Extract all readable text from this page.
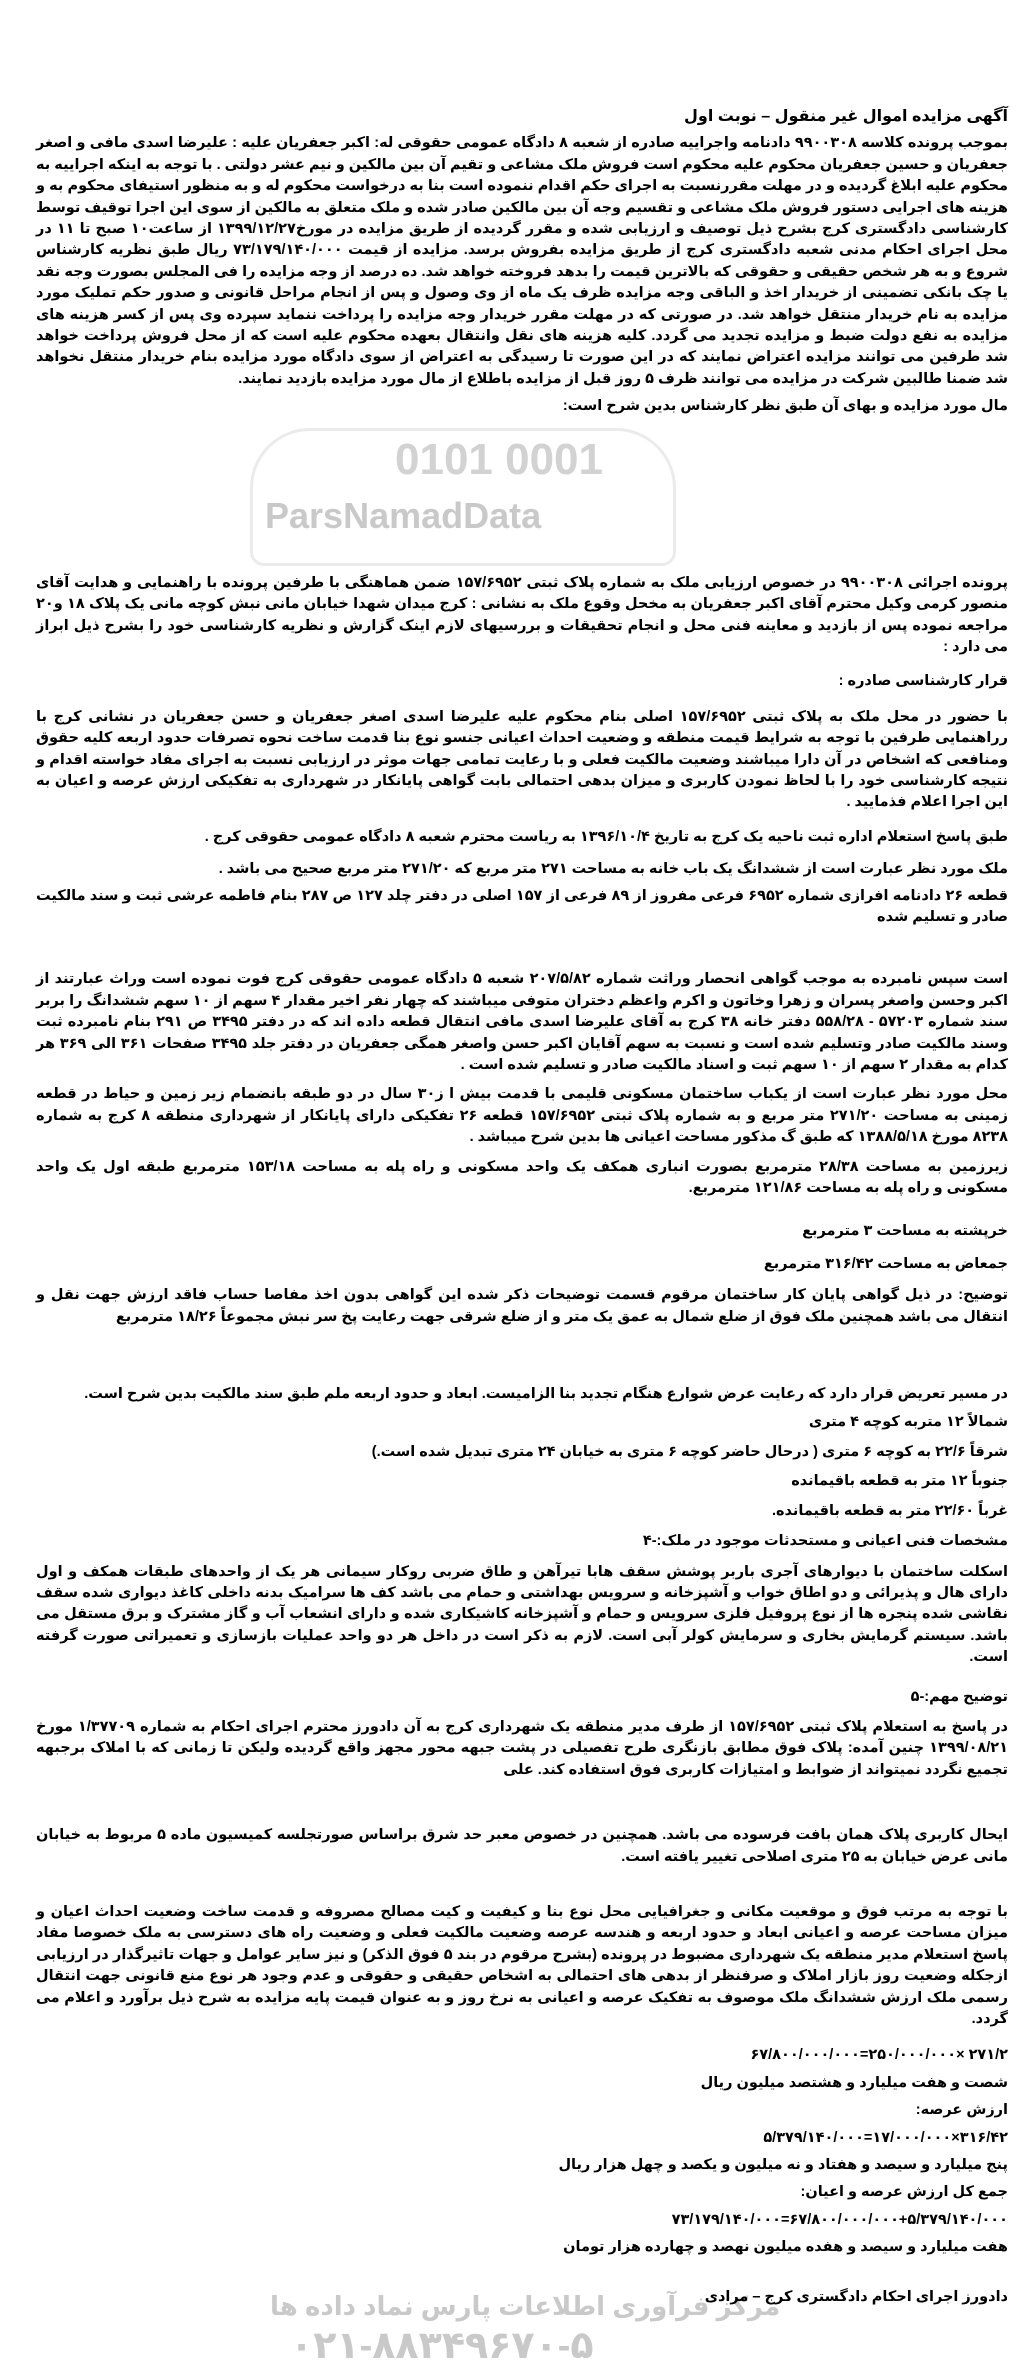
0101 0001
ParsNamadData
مرکز فرآوری اطلاعات پارس نماد داده ها
۰۲۱-۸۸۳۴۹۶۷۰-۵
آگهی مزایده اموال غیر منقول – نوبت اول
بموجب پرونده کلاسه ۹۹۰۰۳۰۸ دادنامه واجراییه صادره از شعبه ۸ دادگاه عمومی حقوقی له: اکبر جعفریان علیه : علیرضا اسدی مافی و اصغر جعفریان و حسین جعفریان محکوم علیه محکوم است فروش ملک مشاعی و تقیم آن بین مالکین و نیم عشر دولتی . با توجه به اینکه اجراییه به محکوم علیه ابلاغ گردیده و در مهلت مقررنسبت به اجرای حکم اقدام ننموده است بنا به درخواست محکوم له و به منظور استیفای محکوم به و هزینه های اجرایی دستور فروش ملک مشاعی و تقسیم وجه آن بین مالکین صادر شده و ملک متعلق به مالکین از سوی این اجرا توقیف توسط کارشناسی دادگستری کرج بشرح ذیل توصیف و ارزیابی شده و مقرر گردیده از طریق مزایده در مورخ۱۳۹۹/۱۲/۲۷ از ساعت۱۰ صبح تا ۱۱ در محل اجرای احکام مدنی شعبه دادگستری کرج از طریق مزایده بفروش برسد. مزایده از قیمت ۷۳/۱۷۹/۱۴۰/۰۰۰ ریال طبق نظریه کارشناس شروع و به هر شخص حقیقی و حقوقی که بالاترین قیمت را بدهد فروخته خواهد شد. ده درصد از وجه مزایده را فی المجلس بصورت وجه نقد یا چک بانکی تضمینی از خریدار اخذ و الباقی وجه مزایده ظرف یک ماه از وی وصول و پس از انجام مراحل قانونی و صدور حکم تملیک مورد مزایده به نام خریدار منتقل خواهد شد. در صورتی که در مهلت مقرر خریدار وجه مزایده را پرداخت ننماید سپرده وی پس از کسر هزینه های مزایده به نفع دولت ضبط و مزایده تجدید می گردد. کلیه هزینه های نقل وانتقال بعهده محکوم علیه است که از محل فروش پرداخت خواهد شد طرفین می توانند مزایده اعتراض نمایند که در این صورت تا رسیدگی به اعتراض از سوی دادگاه مورد مزایده بنام خریدار منتقل نخواهد شد ضمنا طالبین شرکت در مزایده می توانند ظرف ۵ روز قبل از مزایده باطلاع از مال مورد مزایده بازدید نمایند.
مال مورد مزایده و بهای آن طبق نظر کارشناس بدین شرح است:
پرونده اجرائی ۹۹۰۰۳۰۸ در خصوص ارزیابی ملک به شماره پلاک ثبتی ۱۵۷/۶۹۵۲ ضمن هماهنگی با طرفین پرونده با راهنمایی و هدایت آقای منصور کرمی وکیل محترم آقای اکبر جعفریان به مخحل وقوع ملک به نشانی : کرج میدان شهدا خیابان مانی نبش کوچه مانی یک پلاک ۱۸ و۲۰ مراجعه نموده پس از بازدید و معاینه فنی محل و انجام تحقیقات و بررسیهای لازم اینک گزارش و نظریه کارشناسی خود را بشرح ذیل ابراز می دارد :
قرار کارشناسی صادره :
با حضور در محل ملک به پلاک ثبتی ۱۵۷/۶۹۵۲ اصلی بنام محکوم علیه علیرضا اسدی اصغر جعفریان و حسن جعفریان در نشانی کرج با رراهنمایی طرفین با توجه به شرایط قیمت منطقه و وضعیت احداث اعیانی جنسو نوع بنا قدمت ساخت نحوه تصرفات حدود اربعه کلیه حقوق ومنافعی که اشخاص در آن دارا میباشند وضعیت مالکیت فعلی و با رعایت تمامی جهات موثر در ارزیابی نسبت به اجرای مفاد خواسته اقدام و نتیجه کارشناسی خود را با لحاظ نمودن کاربری و میزان بدهی احتمالی بابت گواهی پایانکار در شهرداری به تفکیکی ارزش عرصه و اعیان به این اجرا اعلام فذمایید .
طبق پاسخ استعلام اداره ثبت ناحیه یک کرج به تاریخ ۱۳۹۶/۱۰/۴ به ریاست محترم شعبه ۸ دادگاه عمومی حقوقی کرج .
ملک مورد نظر عبارت است از ششدانگ یک باب خانه به مساحت ۲۷۱ متر مربع که ۲۷۱/۲۰ متر مربع صحیح می باشد .
قطعه ۲۶ دادنامه افرازی شماره ۶۹۵۲ فرعی مفروز از ۸۹ فرعی از ۱۵۷ اصلی در دفتر چلد ۱۲۷ ص ۲۸۷ بنام فاطمه عرشی ثبت و سند مالکیت صادر و تسلیم شده
است سپس نامبرده به موجب گواهی انحصار وراثت شماره ۲۰۷/۵/۸۲ شعبه ۵ دادگاه عمومی حقوقی کرج فوت نموده است وراث عبارتند از اکبر وحسن واصغر پسران و زهرا وخاتون و اکرم واعظم دختران متوفی میباشند که چهار نفر اخیر مقدار ۴ سهم از ۱۰ سهم ششدانگ را بربر سند شماره ۵۷۲۰۳ - ۵۵۸/۲۸ دفتر خانه ۳۸ کرج به آقای علیرضا اسدی مافی انتقال قطعه داده اند که در دفتر ۳۴۹۵ ص ۲۹۱ بنام نامبرده ثبت وسند مالکیت صادر وتسلیم شده است و نسبت به سهم آقایان اکبر حسن واصغر همگی جعفریان در دفتر جلد ۳۴۹۵ صفحات ۳۶۱ الی ۳۶۹ هر کدام به مقدار ۲ سهم از ۱۰ سهم ثبت و اسناد مالکیت صادر و تسلیم شده است .
محل مورد نظر عبارت است از یکباب ساختمان مسکونی قلیمی با قدمت بیش ا ز۳۰ سال در دو طبقه بانضمام زیر زمین و حیاط در قطعه زمینی به مساحت ۲۷۱/۲۰ متر مربع و به شماره پلاک ثبتی ۱۵۷/۶۹۵۲ قطعه ۲۶ تفکیکی دارای پایانکار از شهرداری منطقه ۸ کرج به شماره ۸۲۳۸ مورخ ۱۳۸۸/۵/۱۸ که طبق گ مذکور مساحت اعیانی ها بدین شرح میباشد .
زیرزمین به مساحت ۲۸/۳۸ مترمربع بصورت انباری همکف یک واحد مسکونی و راه پله به مساحت ۱۵۳/۱۸ مترمربع طبقه اول یک واحد مسکونی و راه پله به مساحت ۱۲۱/۸۶ مترمربع.
خرپشته به مساحت ۳ مترمربع
جمعاض به مساحت ۳۱۶/۴۲ مترمربع
توضیح: در ذیل گواهی پایان کار ساختمان مرقوم قسمت توضیحات ذکر شده این گواهی بدون اخذ مفاصا حساب فاقد ارزش جهت نقل و انتقال می باشد همچنین ملک فوق از ضلع شمال به عمق یک متر و از ضلع شرقی جهت رعایت پخ سر نبش مجموعاً ۱۸/۲۶ مترمربع
در مسیر تعریض قرار دارد که رعایت عرض شوارع هنگام تجدید بنا الزامیست. ابعاد و حدود اربعه ملم طبق سند مالکیت بدین شرح است.
شمالاً ۱۲ متربه کوچه ۴ متری
شرقاً ۲۲/۶ به کوچه ۶ متری ( درحال حاضر کوچه ۶ متری به خیابان ۲۴ متری تبدیل شده است.)
جنوباً ۱۲ متر به قطعه باقیمانده
غرباً ۲۲/۶۰ متر به قطعه باقیمانده.
مشخصات فنی اعیانی و مستحدثات موجود در ملک:-۴
اسکلت ساختمان با دیوارهای آجری باربر پوشش سقف هابا تیرآهن و طاق ضربی روکار سیمانی هر یک از واحدهای طبقات همکف و اول دارای هال و پذیرائی و دو اطاق خواب و آشپزخانه و سرویس بهداشتی و حمام می باشد کف ها سرامیک بدنه داخلی کاغذ دیواری شده سقف نقاشی شده پنجره ها از نوع پروفیل فلزی سرویس و حمام و آشپزخانه کاشیکاری شده و دارای انشعاب آب و گاز مشترک و برق مستقل می باشد. سیستم گرمایش بخاری و سرمایش کولر آبی است. لازم به ذکر است در داخل هر دو واحد عملیات بازسازی و تعمیراتی صورت گرفته است.
توضیح مهم:-۵
در پاسخ به استعلام پلاک ثبتی ۱۵۷/۶۹۵۲ از طرف مدیر منطقه یک شهرداری کرج به آن دادورز محترم اجرای احکام به شماره ۱/۳۷۷۰۹ مورخ ۱۳۹۹/۰۸/۲۱ چنین آمده: پلاک فوق مطابق بازنگری طرح تفصیلی در پشت جبهه محور مجهز واقع گردیده ولیکن تا زمانی که با املاک برجبهه تجمیع نگردد نمیتواند از ضوابط و امتیازات کاربری فوق استفاده کند. علی
ایحال کاربری پلاک همان بافت فرسوده می باشد. همچنین در خصوص معبر حد شرق براساس صورتجلسه کمیسیون ماده ۵ مربوط به خیابان مانی عرض خیابان به ۲۵ متری اصلاحی تغییر یافته است.
با توجه به مرتب فوق و موقعیت مکانی و جغرافیایی محل نوع بنا و کیفیت و کیت مصالح مصروفه و قدمت ساخت وضعیت احداث اعیان و میزان مساحت عرصه و اعیانی ابعاد و حدود اربعه و هندسه عرصه وضعیت مالکیت فعلی و وضعیت راه های دسترسی به ملک خصوصا مفاد پاسخ استعلام مدیر منطقه یک شهرداری مضبوط در پرونده (بشرح مرقوم در بند ۵ فوق الذکر) و نیز سایر عوامل و جهات تاثیرگذار در ارزیابی ازجکله وضعیت روز بازار املاک و صرفنظر از بدهی های احتمالی به اشخاص حقیقی و حقوقی و عدم وجود هر نوع منع قانونی جهت انتقال رسمی ملک ارزش ششدانگ ملک موصوف به تفکیک عرصه و اعیانی به نرخ روز و به عنوان قیمت پایه مزایده به شرح ذیل برآورد و اعلام می گردد.
۲۷۱/۲ ×۲۵۰/۰۰۰/۰۰۰=۶۷/۸۰۰/۰۰۰/۰۰۰
شصت و هفت میلیارد و هشتصد میلیون ریال
ارزش عرصه:
۳۱۶/۴۲×۱۷/۰۰۰/۰۰۰=۵/۳۷۹/۱۴۰/۰۰۰
پنج میلیارد و سیصد و هفتاد و نه میلیون و یکصد و چهل هزار ریال
جمع کل ارزش عرصه و اعیان:
۶۷/۸۰۰/۰۰۰/۰۰۰+۵/۳۷۹/۱۴۰/۰۰۰=۷۳/۱۷۹/۱۴۰/۰۰۰
هفت میلیارد و سیصد و هفده میلیون نهصد و چهارده هزار تومان
دادورز اجرای احکام دادگستری کرج – مرادی
